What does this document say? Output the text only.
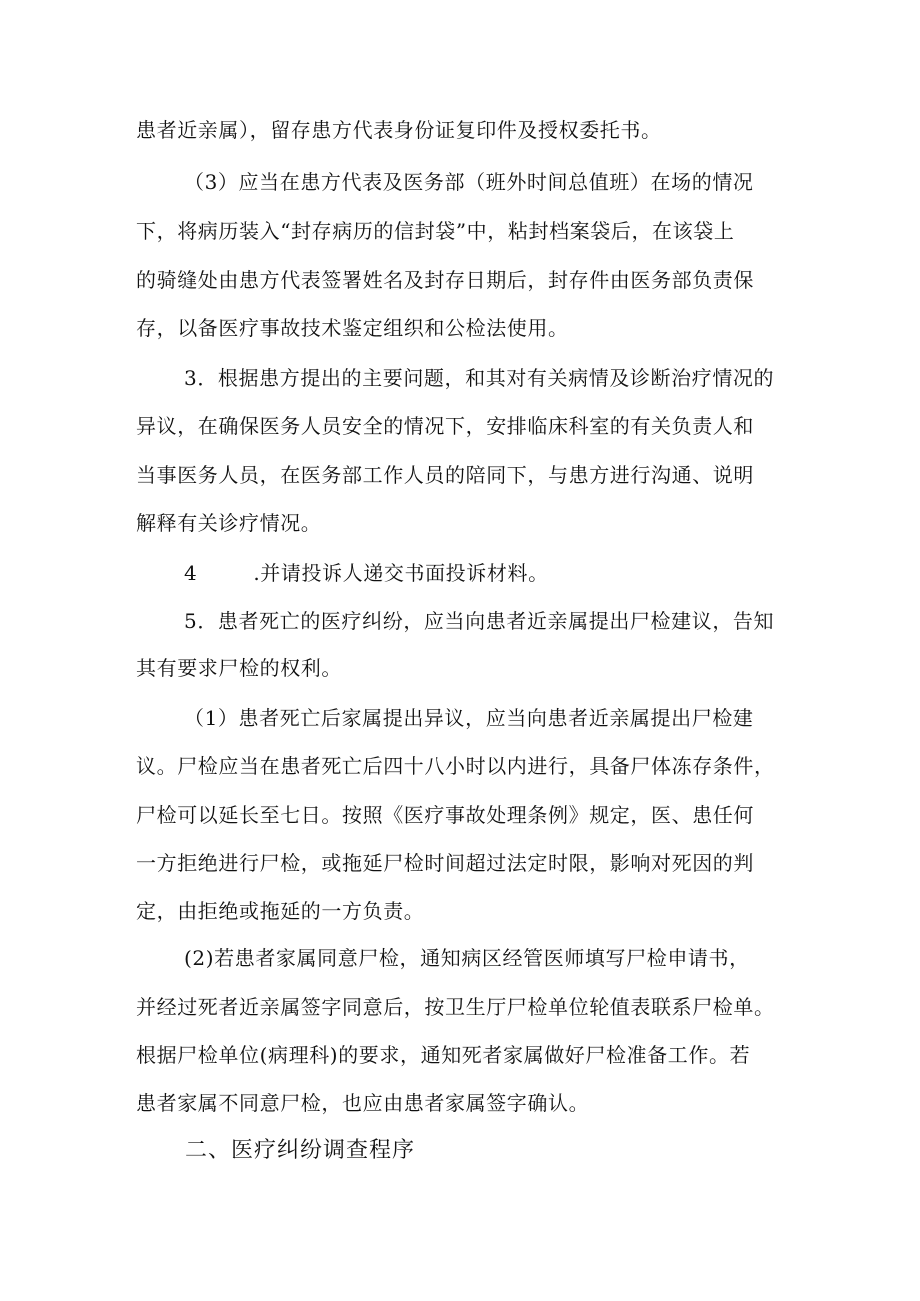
患者近亲属），留存患方代表身份证复印件及授权委托书。
（3）应当在患方代表及医务部（班外时间总值班）在场的情况
下，将病历装入“封存病历的信封袋”中，粘封档案袋后，在该袋上
的骑缝处由患方代表签署姓名及封存日期后，封存件由医务部负责保
存，以备医疗事故技术鉴定组织和公检法使用。
3．根据患方提出的主要问题，和其对有关病情及诊断治疗情况的
异议，在确保医务人员安全的情况下，安排临床科室的有关负责人和
当事医务人员，在医务部工作人员的陪同下，与患方进行沟通、说明
解释有关诊疗情况。
4	.并请投诉人递交书面投诉材料。
5．患者死亡的医疗纠纷，应当向患者近亲属提出尸检建议，告知
其有要求尸检的权利。
（1）患者死亡后家属提出异议，应当向患者近亲属提出尸检建
议。尸检应当在患者死亡后四十八小时以内进行，具备尸体冻存条件，
尸检可以延长至七日。按照《医疗事故处理条例》规定，医、患任何
一方拒绝进行尸检，或拖延尸检时间超过法定时限，影响对死因的判
定，由拒绝或拖延的一方负责。
(2)若患者家属同意尸检，通知病区经管医师填写尸检申请书，
并经过死者近亲属签字同意后，按卫生厅尸检单位轮值表联系尸检单。
根据尸检单位(病理科)的要求，通知死者家属做好尸检准备工作。若
患者家属不同意尸检，也应由患者家属签字确认。
二、医疗纠纷调查程序
